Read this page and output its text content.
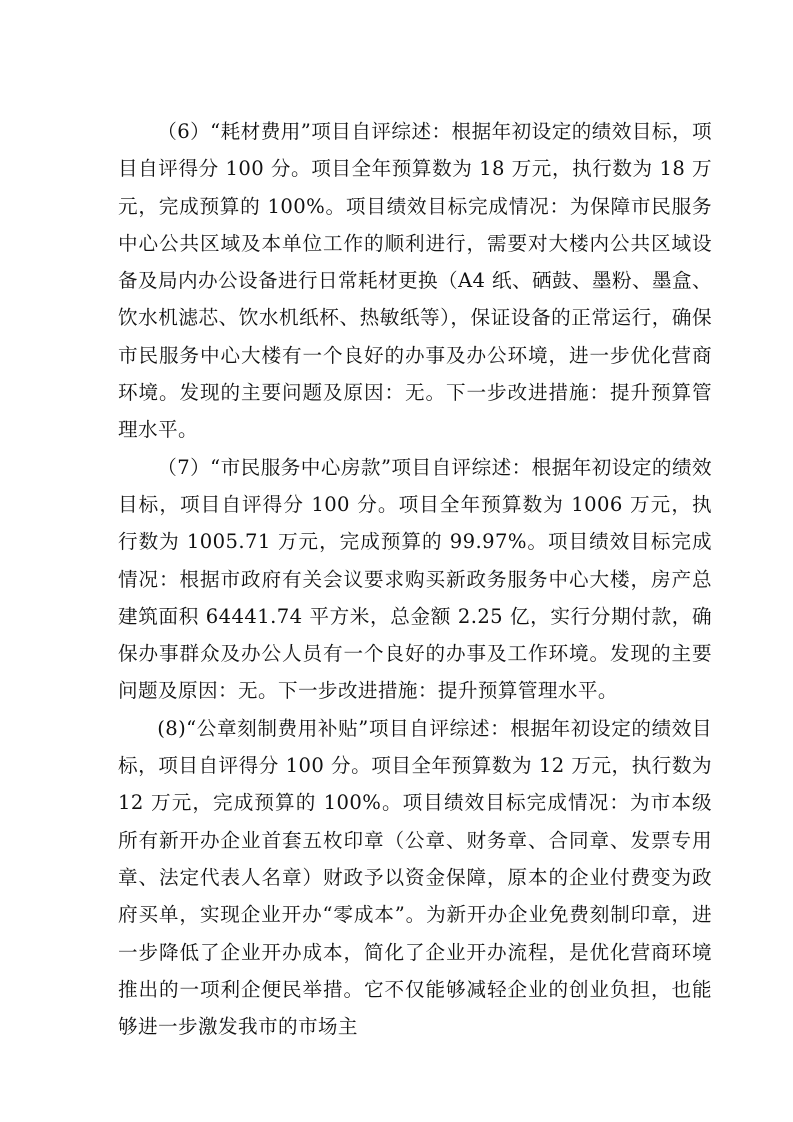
（6）“耗材费用”项目自评综述：根据年初设定的绩效目标，项目自评得分 100 分。项目全年预算数为 18 万元，执行数为 18 万元，完成预算的 100%。项目绩效目标完成情况：为保障市民服务中心公共区域及本单位工作的顺利进行，需要对大楼内公共区域设备及局内办公设备进行日常耗材更换（A4 纸、硒鼓、墨粉、墨盒、饮水机滤芯、饮水机纸杯、热敏纸等），保证设备的正常运行，确保市民服务中心大楼有一个良好的办事及办公环境，进一步优化营商环境。发现的主要问题及原因：无。下一步改进措施：提升预算管理水平。

（7）“市民服务中心房款”项目自评综述：根据年初设定的绩效目标，项目自评得分 100 分。项目全年预算数为 1006 万元，执行数为 1005.71 万元，完成预算的 99.97%。项目绩效目标完成情况：根据市政府有关会议要求购买新政务服务中心大楼，房产总建筑面积 64441.74 平方米，总金额 2.25 亿，实行分期付款，确保办事群众及办公人员有一个良好的办事及工作环境。发现的主要问题及原因：无。下一步改进措施：提升预算管理水平。

(8)“公章刻制费用补贴”项目自评综述：根据年初设定的绩效目标，项目自评得分 100 分。项目全年预算数为 12 万元，执行数为 12 万元，完成预算的 100%。项目绩效目标完成情况：为市本级所有新开办企业首套五枚印章（公章、财务章、合同章、发票专用章、法定代表人名章）财政予以资金保障，原本的企业付费变为政府买单，实现企业开办“零成本”。为新开办企业免费刻制印章，进一步降低了企业开办成本，简化了企业开办流程，是优化营商环境推出的一项利企便民举措。它不仅能够减轻企业的创业负担，也能够进一步激发我市的市场主
